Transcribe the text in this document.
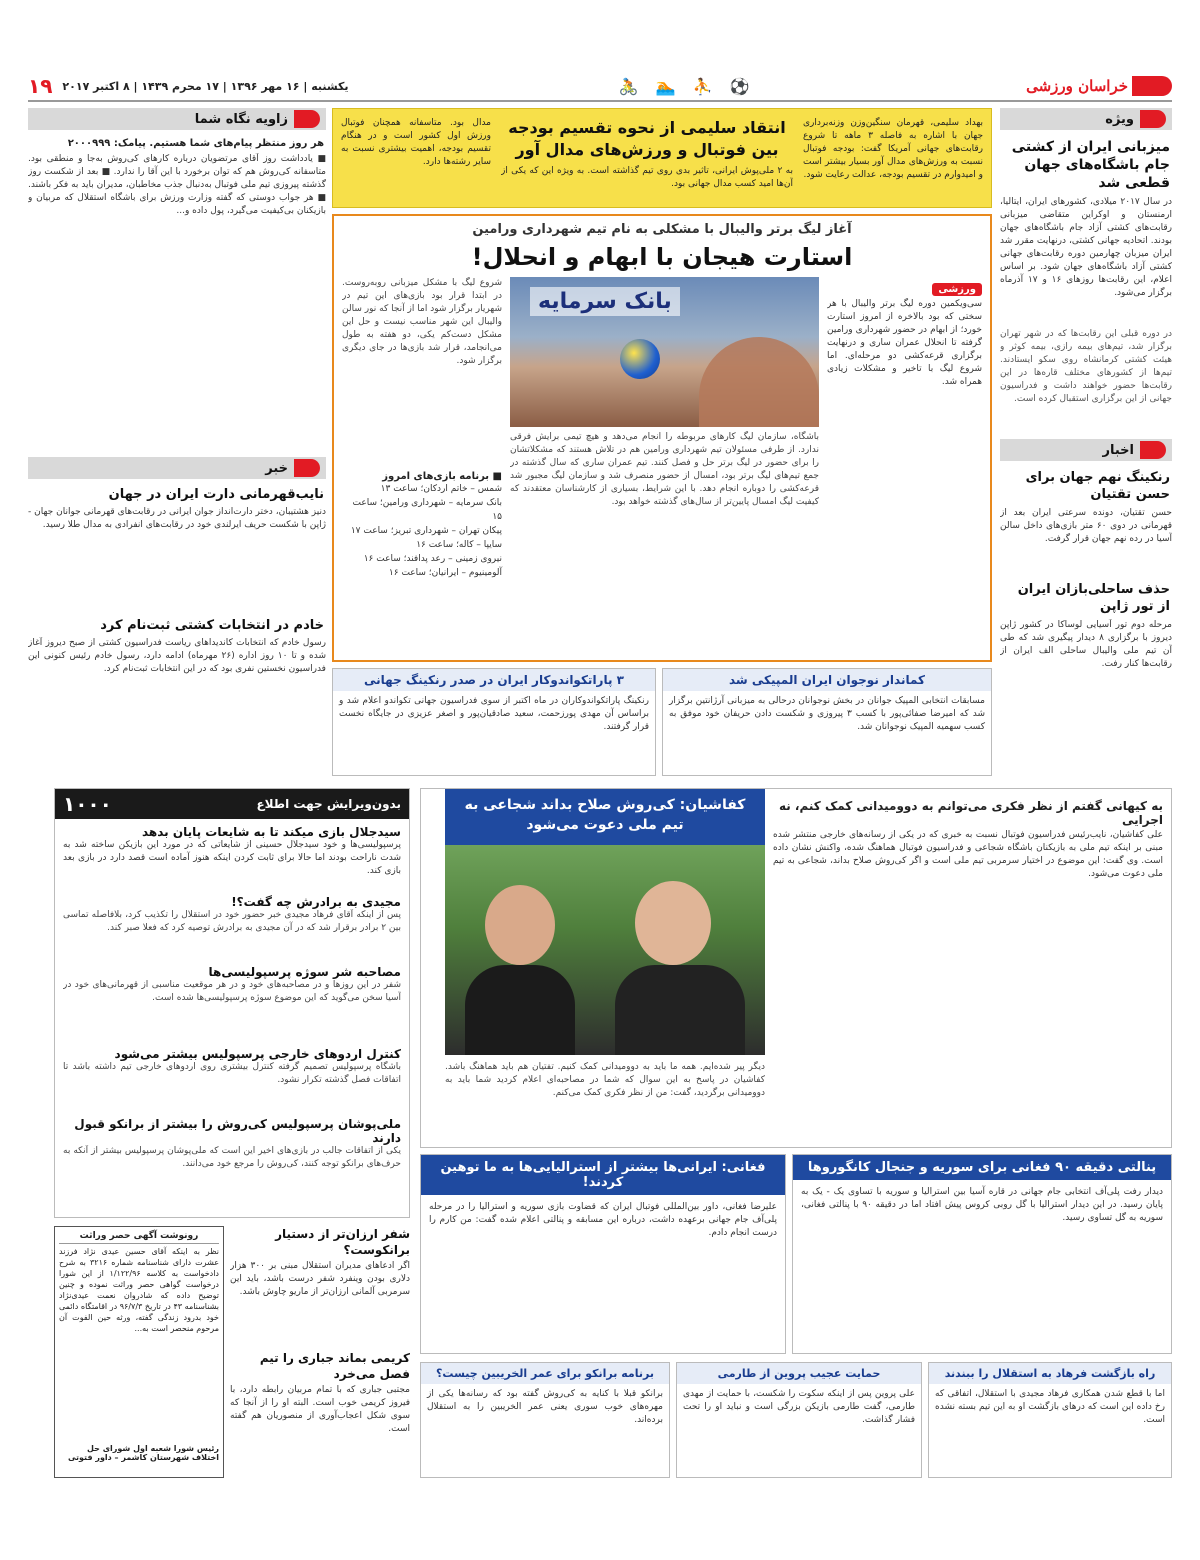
خراسان ورزشی
⚽ ⛹ 🏊 🚴
یکشنبه | ۱۶ مهر ۱۳۹۶ | ۱۷ محرم ۱۴۳۹ | ۸ اکتبر ۲۰۱۷
۱۹
ویژه
میزبانی ایران از کشتی جام باشگاه‌های جهان قطعی شد
در سال ۲۰۱۷ میلادی، کشورهای ایران، ایتالیا، ارمنستان و اوکراین متقاضی میزبانی رقابت‌های کشتی آزاد جام باشگاه‌های جهان بودند. اتحادیه جهانی کشتی، درنهایت مقرر شد ایران میزبان چهارمین دوره رقابت‌های جهانی کشتی آزاد باشگاه‌های جهان شود. بر اساس اعلام، این رقابت‌ها روزهای ۱۶ و ۱۷ آذرماه برگزار می‌شود.
در دوره قبلی این رقابت‌ها که در شهر تهران برگزار شد، تیم‌های بیمه رازی، بیمه کوثر و هیئت کشتی کرمانشاه روی سکو ایستادند. تیم‌ها از کشورهای مختلف قاره‌ها در این رقابت‌ها حضور خواهند داشت و فدراسیون جهانی از این برگزاری استقبال کرده است.
اخبار
رنکینگ نهم جهان برای حسن تقتیان
حسن تقتیان، دونده سرعتی ایران بعد از قهرمانی در دوی ۶۰ متر بازی‌های داخل سالن آسیا در رده نهم جهان قرار گرفت.
حذف ساحلی‌بازان ایران از تور ژاپن
مرحله دوم تور آسیایی لوساکا در کشور ژاپن دیروز با برگزاری ۸ دیدار پیگیری شد که طی آن تیم ملی والیبال ساحلی الف ایران از رقابت‌ها کنار رفت.
بهداد سلیمی، قهرمان سنگین‌وزن وزنه‌برداری جهان با اشاره به فاصله ۳ ماهه تا شروع رقابت‌های جهانی آمریکا گفت: بودجه فوتبال نسبت به ورزش‌های مدال آور بسیار بیشتر است و امیدوارم در تقسیم بودجه، عدالت رعایت شود.
انتقاد سلیمی از نحوه تقسیم بودجه بین فوتبال و ورزش‌های مدال آور
به ۲ ملی‌پوش ایرانی، تاثیر بدی روی تیم گذاشته است. به ویژه این که یکی از آن‌ها امید کسب مدال جهانی بود.
مدال بود. متاسفانه همچنان فوتبال ورزش اول کشور است و در هنگام تقسیم بودجه، اهمیت بیشتری نسبت به سایر رشته‌ها دارد.
آغاز لیگ برتر والیبال با مشکلی به نام تیم شهرداری ورامین
استارت هیجان با ابهام و انحلال!
ورزشی
سی‌ویکمین دوره لیگ برتر والیبال با هر سختی که بود بالاخره از امروز استارت خورد؛ از ابهام در حضور شهرداری ورامین گرفته تا انحلال عمران ساری و درنهایت برگزاری قرعه‌کشی دو مرحله‌ای. اما شروع لیگ با تاخیر و مشکلات زیادی همراه شد.
بانک سرمایه
باشگاه، سازمان لیگ کارهای مربوطه را انجام می‌دهد و هیچ تیمی برایش فرقی ندارد. از طرفی مسئولان تیم شهرداری ورامین هم در تلاش هستند که مشکلاتشان را برای حضور در لیگ برتر حل و فصل کنند. تیم عمران ساری که سال گذشته در جمع تیم‌های لیگ برتر بود، امسال از حضور منصرف شد و سازمان لیگ مجبور شد قرعه‌کشی را دوباره انجام دهد. با این شرایط، بسیاری از کارشناسان معتقدند که کیفیت لیگ امسال پایین‌تر از سال‌های گذشته خواهد بود.
شروع لیگ با مشکل میزبانی روبه‌روست. در ابتدا قرار بود بازی‌های این تیم در شهریار برگزار شود اما از آنجا که نور سالن والیبال این شهر مناسب نیست و حل این مشکل دست‌کم یکی، دو هفته به طول می‌انجامد، قرار شد بازی‌ها در جای دیگری برگزار شود.
■ برنامه بازی‌های امروز
شمس – خاتم اردکان؛ ساعت ۱۳
بانک سرمایه – شهرداری ورامین؛ ساعت ۱۵
پیکان تهران – شهرداری تبریز؛ ساعت ۱۷
سایپا – کاله؛ ساعت ۱۶
نیروی زمینی – رعد پدافند؛ ساعت ۱۶
آلومینیوم – ایرانیان؛ ساعت ۱۶
کماندار نوجوان ایران المپیکی شد
مسابقات انتخابی المپیک جوانان در بخش نوجوانان درحالی به میزبانی آرژانتین برگزار شد که امیرضا صفائی‌پور با کسب ۳ پیروزی و شکست دادن حریفان خود موفق به کسب سهمیه المپیک نوجوانان شد.
۳ پاراتکواندوکار ایران در صدر رنکینگ جهانی
رنکینگ پاراتکواندوکاران در ماه اکتبر از سوی فدراسیون جهانی تکواندو اعلام شد و براساس آن مهدی پورزحمت، سعید صادقیان‌پور و اصغر عزیزی در جایگاه نخست قرار گرفتند.
زاویه نگاه شما
هر روز منتظر پیام‌های شما هستیم. پیامک: ۲۰۰۰۹۹۹
■ یادداشت روز آقای مرتضویان درباره کارهای کی‌روش به‌جا و منطقی بود. متاسفانه کی‌روش هم که توان برخورد با این آقا را ندارد. ■ بعد از شکست روز گذشته پیروزی تیم ملی فوتبال به‌دنبال جذب مخاطبان، مدیران باید به فکر باشند. ■ هر جواب دوستی که گفته وزارت ورزش برای باشگاه استقلال که مربیان و بازیکنان بی‌کیفیت می‌گیرد، پول داده و...
خبر
نایب‌قهرمانی دارت ایران در جهان
دنیز هشتیبان، دختر دارت‌انداز جوان ایرانی در رقابت‌های قهرمانی جوانان جهان - ژاپن با شکست حریف ایرلندی خود در رقابت‌های انفرادی به مدال طلا رسید.
خادم در انتخابات کشتی ثبت‌نام کرد
رسول خادم که انتخابات کاندیداهای ریاست فدراسیون کشتی از صبح دیروز آغاز شده و تا ۱۰ روز اداره (۲۶ مهرماه) ادامه دارد، رسول خادم رئیس کنونی این فدراسیون نخستین نفری بود که در این انتخابات ثبت‌نام کرد.
کفاشیان: کی‌روش صلاح بداند شجاعی به تیم ملی دعوت می‌شود
به کیهانی گفتم از نظر فکری می‌توانم به دوومیدانی کمک کنم، نه اجرایی
علی کفاشیان، نایب‌رئیس فدراسیون فوتبال نسبت به خبری که در یکی از رسانه‌های خارجی منتشر شده مبنی بر اینکه تیم ملی به بازیکنان باشگاه شجاعی و فدراسیون فوتبال هماهنگ شده، واکنش نشان داده است. وی گفت: این موضوع در اختیار سرمربی تیم ملی است و اگر کی‌روش صلاح بداند، شجاعی به تیم ملی دعوت می‌شود.
دیگر پیر شده‌ایم. همه ما باید به دوومیدانی کمک کنیم. تفتیان هم باید هماهنگ باشد. کفاشیان در پاسخ به این سوال که شما در مصاحبه‌ای اعلام کردید شما باید به دوومیدانی برگردید، گفت: من از نظر فکری کمک می‌کنم.
بدون‌ویرایش جهت اطلاع
۱۰۰۰
سیدجلال بازی میکند تا به شایعات پایان بدهد
پرسپولیسی‌ها و خود سیدجلال حسینی از شایعاتی که در مورد این بازیکن ساخته شد به شدت ناراحت بودند اما حالا برای ثابت کردن اینکه هنوز آماده است قصد دارد در بازی بعد بازی کند.
مجیدی به برادرش چه گفت؟!
پس از اینکه آقای فرهاد مجیدی خبر حضور خود در استقلال را تکذیب کرد، بلافاصله تماسی بین ۲ برادر برقرار شد که در آن مجیدی به برادرش توصیه کرد که فعلا صبر کند.
مصاحبه شر سوژه پرسپولیسی‌ها
شفر در این روزها و در مصاحبه‌های خود و در هر موقعیت مناسبی از قهرمانی‌های خود در آسیا سخن می‌گوید که این موضوع سوژه پرسپولیسی‌ها شده است.
کنترل اردوهای خارجی پرسپولیس بیشتر می‌شود
باشگاه پرسپولیس تصمیم گرفته کنترل بیشتری روی اردوهای خارجی تیم داشته باشد تا اتفاقات فصل گذشته تکرار نشود.
ملی‌پوشان پرسپولیس کی‌روش را بیشتر از برانکو قبول دارند
یکی از اتفاقات جالب در بازی‌های اخیر این است که ملی‌پوشان پرسپولیس بیشتر از آنکه به حرف‌های برانکو توجه کنند، کی‌روش را مرجع خود می‌دانند.	فغانی: ایرانی‌ها بیشتر از استرالیایی‌ها به ما توهین کردند!
علیرضا فغانی، داور بین‌المللی فوتبال ایران که قضاوت بازی سوریه و استرالیا را در مرحله پلی‌آف جام جهانی برعهده داشت، درباره این مسابقه و پنالتی اعلام شده گفت: من کارم را درست انجام دادم.
پنالتی دقیقه ۹۰ فغانی برای سوریه و جنجال کانگوروها
دیدار رفت پلی‌آف انتخابی جام جهانی در قاره آسیا بین استرالیا و سوریه با تساوی یک - یک به پایان رسید. در این دیدار استرالیا با گل روبی کروس پیش افتاد اما در دقیقه ۹۰ با پنالتی فغانی، سوریه به گل تساوی رسید.
راه بازگشت فرهاد به استقلال را ببندند
اما با قطع شدن همکاری فرهاد مجیدی با استقلال، اتفاقی که رخ داده این است که درهای بازگشت او به این تیم بسته نشده است.
حمایت عجیب پروین از طارمی
علی پروین پس از اینکه سکوت را شکست، با حمایت از مهدی طارمی، گفت طارمی بازیکن بزرگی است و نباید او را تحت فشار گذاشت.
برنامه برانکو برای عمر الخریبین چیست؟
برانکو قبلا با کنایه به کی‌روش گفته بود که رسانه‌ها یکی از مهره‌های خوب سوری یعنی عمر الخریبین را به استقلال برده‌اند.
شفر ارزان‌تر از دستیار برانکوست؟
اگر ادعاهای مدیران استقلال مبنی بر ۳۰۰ هزار دلاری بودن وینفرد شفر درست باشد، باید این سرمربی آلمانی ارزان‌تر از ماریو چاوش باشد.
کریمی بماند جباری را تیم فصل می‌خرد
مجتبی جباری که با تمام مربیان رابطه دارد، با فیروز کریمی خوب است. البته او را از آنجا که سوی شکل اعجاب‌آوری از منصوریان هم گفته است.
رونوشت آگهی حصر وراثت
نظر به اینکه آقای حسین عیدی نژاد فرزند عشرت دارای شناسنامه شماره ۳۲۱۶ به شرح دادخواست به کلاسه ۱/۱۲۲/۹۶ از این شورا درخواست گواهی حصر وراثت نموده و چنین توضیح داده که شادروان نعمت عیدی‌نژاد بشناسنامه ۴۳ در تاریخ ۹۶/۷/۳ در اقامتگاه دائمی خود بدرود زندگی گفته، ورثه حین الفوت آن مرحوم منحصر است به...
رئیس شورا شعبه اول شورای حل اختلاف شهرستان کاشمر – داور فتوتی
